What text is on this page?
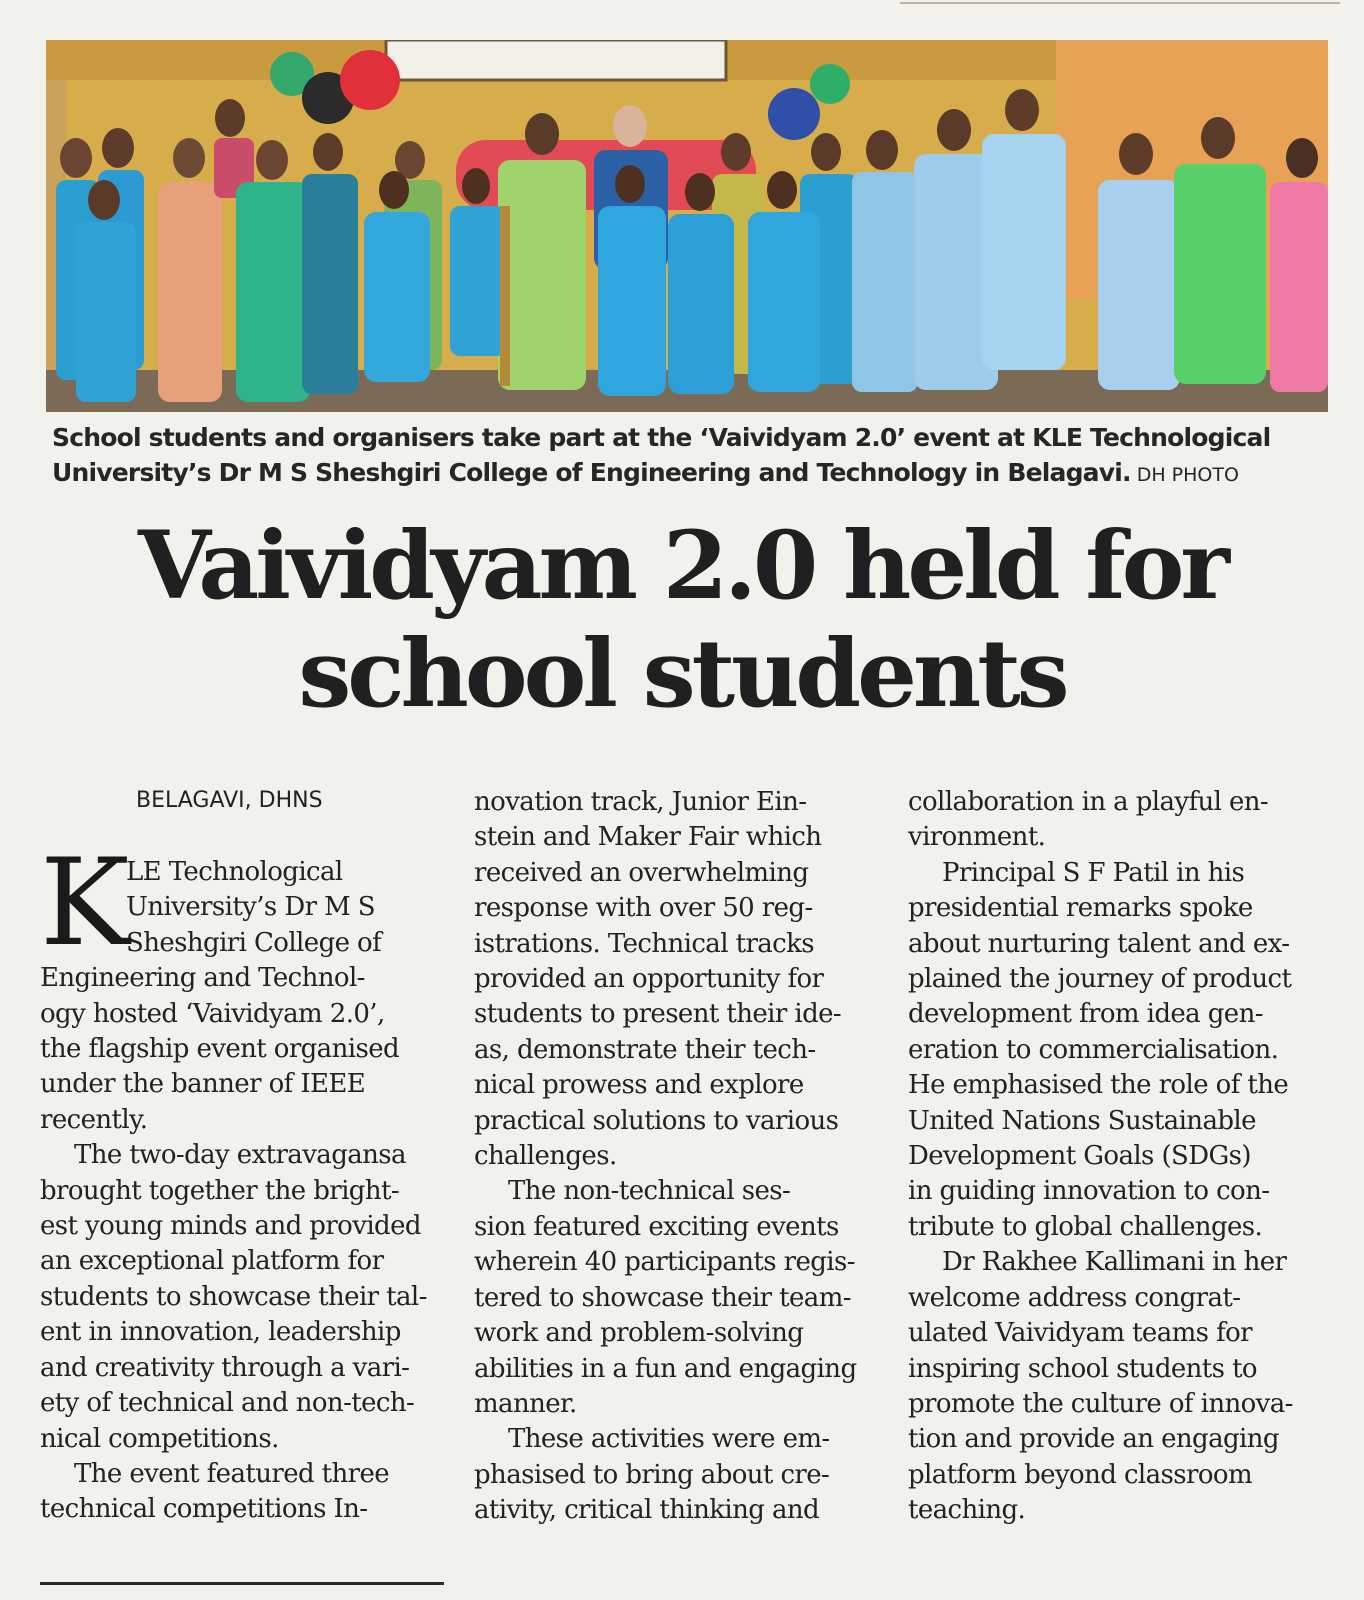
School students and organisers take part at the ‘Vaividyam 2.0’ event at KLE Technological
University’s Dr M S Sheshgiri College of Engineering and Technology in Belagavi. DH PHOTO
Vaividyam 2.0 held for
school students
BELAGAVI, DHNS
K
LE Technological
University’s Dr M S
Sheshgiri College of
Engineering and Technol-
ogy hosted ‘Vaividyam 2.0’,
the flagship event organised
under the banner of IEEE
recently.
The two-day extravagansa
brought together the bright-
est young minds and provided
an exceptional platform for
students to showcase their tal-
ent in innovation, leadership
and creativity through a vari-
ety of technical and non-tech-
nical competitions.
The event featured three
technical competitions In-
novation track, Junior Ein-
stein and Maker Fair which
received an overwhelming
response with over 50 reg-
istrations. Technical tracks
provided an opportunity for
students to present their ide-
as, demonstrate their tech-
nical prowess and explore
practical solutions to various
challenges.
The non-technical ses-
sion featured exciting events
wherein 40 participants regis-
tered to showcase their team-
work and problem-solving
abilities in a fun and engaging
manner.
These activities were em-
phasised to bring about cre-
ativity, critical thinking and
collaboration in a playful en-
vironment.
Principal S F Patil in his
presidential remarks spoke
about nurturing talent and ex-
plained the journey of product
development from idea gen-
eration to commercialisation.
He emphasised the role of the
United Nations Sustainable
Development Goals (SDGs)
in guiding innovation to con-
tribute to global challenges.
Dr Rakhee Kallimani in her
welcome address congrat-
ulated Vaividyam teams for
inspiring school students to
promote the culture of innova-
tion and provide an engaging
platform beyond classroom
teaching.
